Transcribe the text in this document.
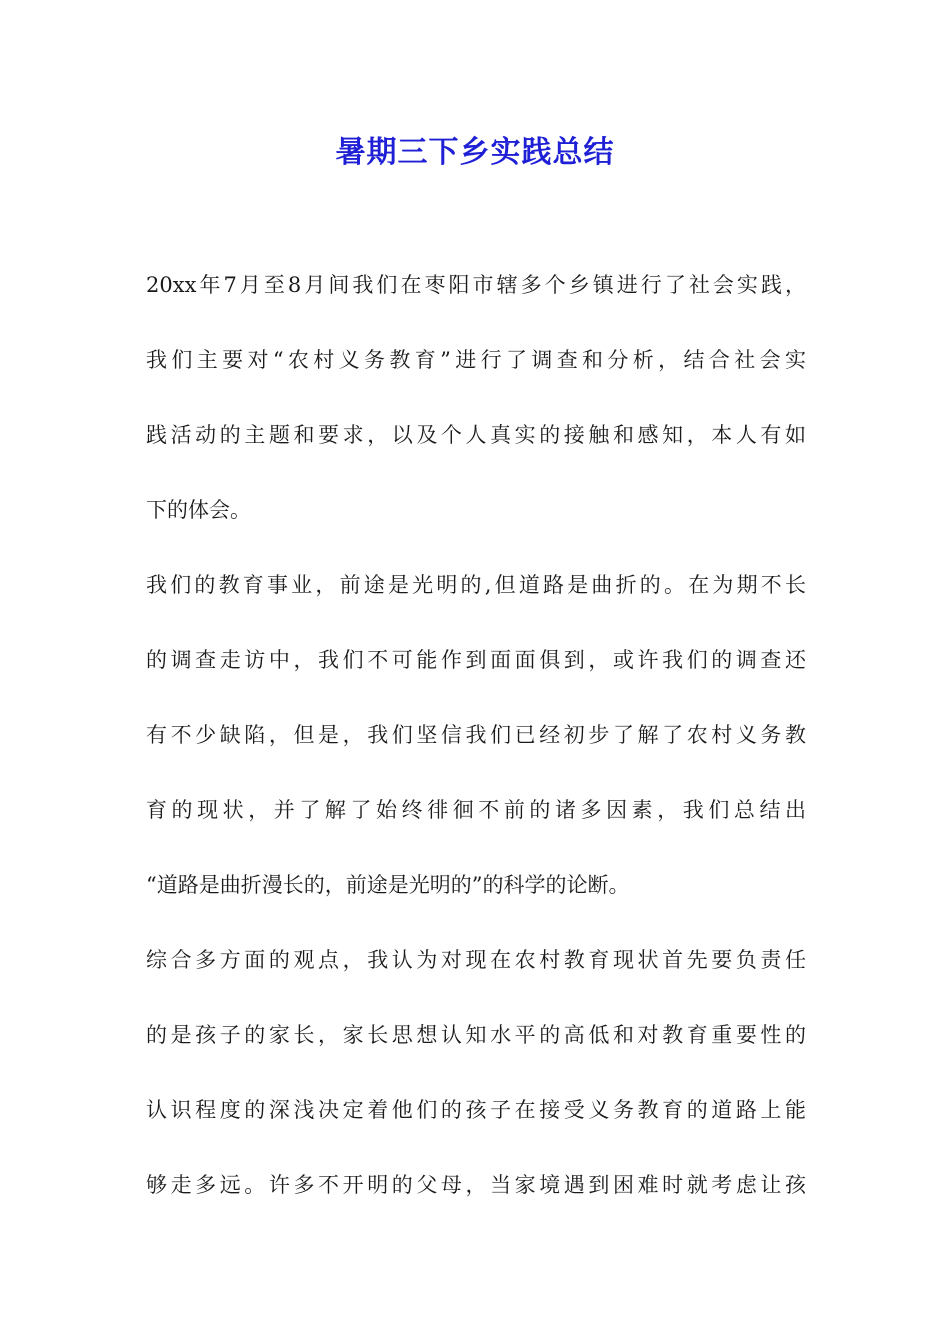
暑期三下乡实践总结
20xx年7月至8月间我们在枣阳市辖多个乡镇进行了社会实践，
我们主要对“农村义务教育”进行了调查和分析，结合社会实
践活动的主题和要求，以及个人真实的接触和感知，本人有如
下的体会。
我们的教育事业，前途是光明的,但道路是曲折的。在为期不长
的调查走访中，我们不可能作到面面俱到，或许我们的调查还
有不少缺陷，但是，我们坚信我们已经初步了解了农村义务教
育的现状，并了解了始终徘徊不前的诸多因素，我们总结出
“道路是曲折漫长的，前途是光明的”的科学的论断。
综合多方面的观点，我认为对现在农村教育现状首先要负责任
的是孩子的家长，家长思想认知水平的高低和对教育重要性的
认识程度的深浅决定着他们的孩子在接受义务教育的道路上能
够走多远。许多不开明的父母，当家境遇到困难时就考虑让孩
